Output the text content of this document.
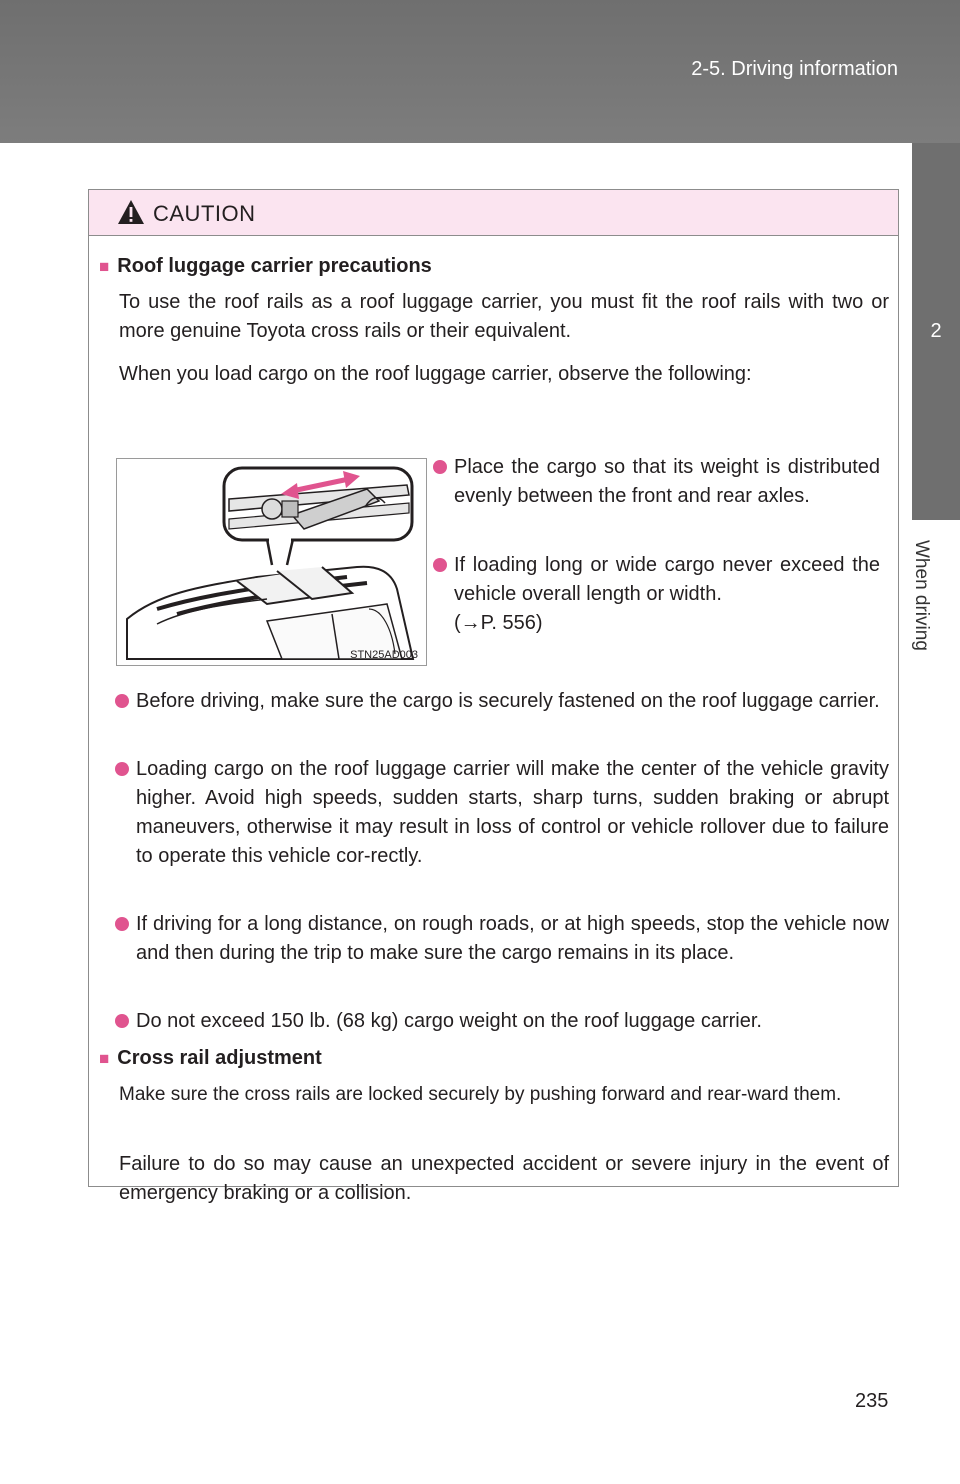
2-5. Driving information
2
When driving
CAUTION
■ Roof luggage carrier precautions
To use the roof rails as a roof luggage carrier, you must fit the roof rails with two or more genuine Toyota cross rails or their equivalent.
When you load cargo on the roof luggage carrier, observe the following:
STN25AD003
Place the cargo so that its weight is distributed evenly between the front and rear axles.
If loading long or wide cargo never exceed the vehicle overall length or width.
(→P. 556)
Before driving, make sure the cargo is securely fastened on the roof luggage carrier.
Loading cargo on the roof luggage carrier will make the center of the vehicle gravity higher. Avoid high speeds, sudden starts, sharp turns, sudden braking or abrupt maneuvers, otherwise it may result in loss of control or vehicle rollover due to failure to operate this vehicle cor-rectly.
If driving for a long distance, on rough roads, or at high speeds, stop the vehicle now and then during the trip to make sure the cargo remains in its place.
Do not exceed 150 lb. (68 kg) cargo weight on the roof luggage carrier.
■ Cross rail adjustment
Make sure the cross rails are locked securely by pushing forward and rear-ward them.
Failure to do so may cause an unexpected accident or severe injury in the event of emergency braking or a collision.
235
